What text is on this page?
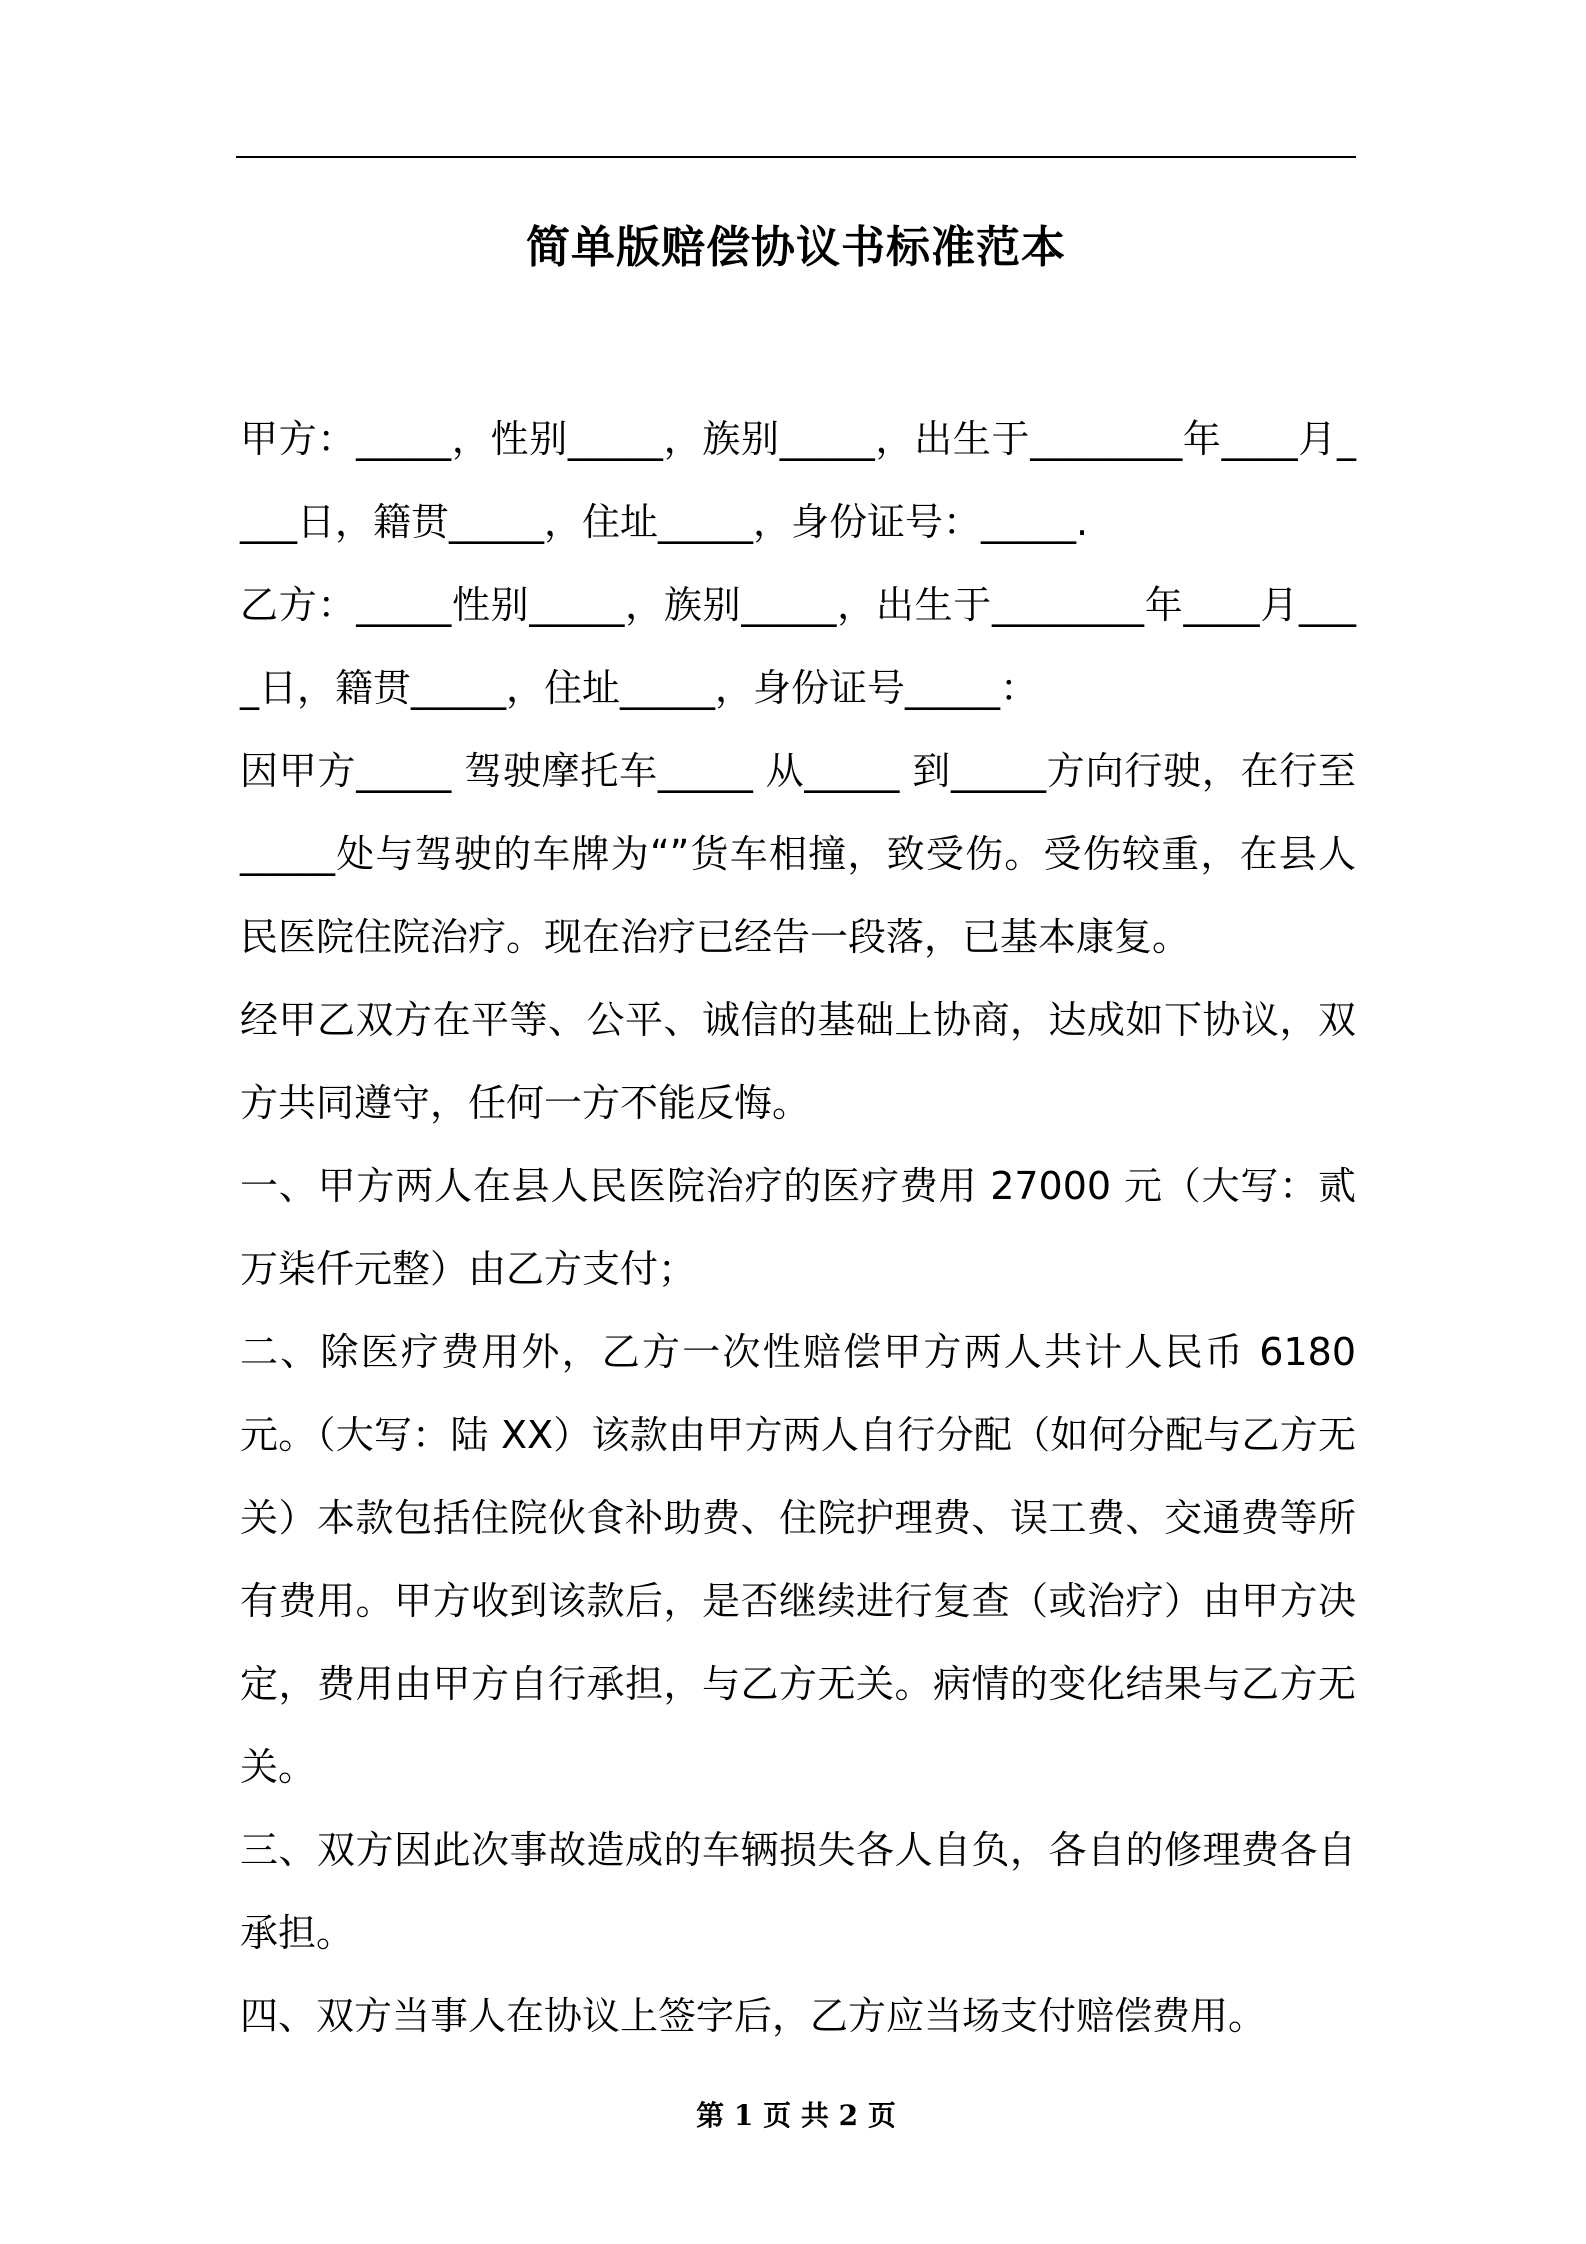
简单版赔偿协议书标准范本

甲方：_____，性别_____，族别_____，出生于________年____月____日，籍贯_____，住址_____，身份证号：_____.

乙方：_____性别_____，族别_____，出生于________年____月____日，籍贯_____，住址_____，身份证号_____：

因甲方_____ 驾驶摩托车_____ 从_____ 到_____方向行驶，在行至_____处与驾驶的车牌为“”货车相撞，致受伤。受伤较重，在县人民医院住院治疗。现在治疗已经告一段落，已基本康复。

经甲乙双方在平等、公平、诚信的基础上协商，达成如下协议，双方共同遵守，任何一方不能反悔。

一、甲方两人在县人民医院治疗的医疗费用 27000 元（大写：贰万柒仟元整）由乙方支付；

二、除医疗费用外，乙方一次性赔偿甲方两人共计人民币 6180 元。（大写：陆 XX）该款由甲方两人自行分配（如何分配与乙方无关）本款包括住院伙食补助费、住院护理费、误工费、交通费等所有费用。甲方收到该款后，是否继续进行复查（或治疗）由甲方决定，费用由甲方自行承担，与乙方无关。病情的变化结果与乙方无关。

三、双方因此次事故造成的车辆损失各人自负，各自的修理费各自承担。

四、双方当事人在协议上签字后，乙方应当场支付赔偿费用。

第 1 页 共 2 页
